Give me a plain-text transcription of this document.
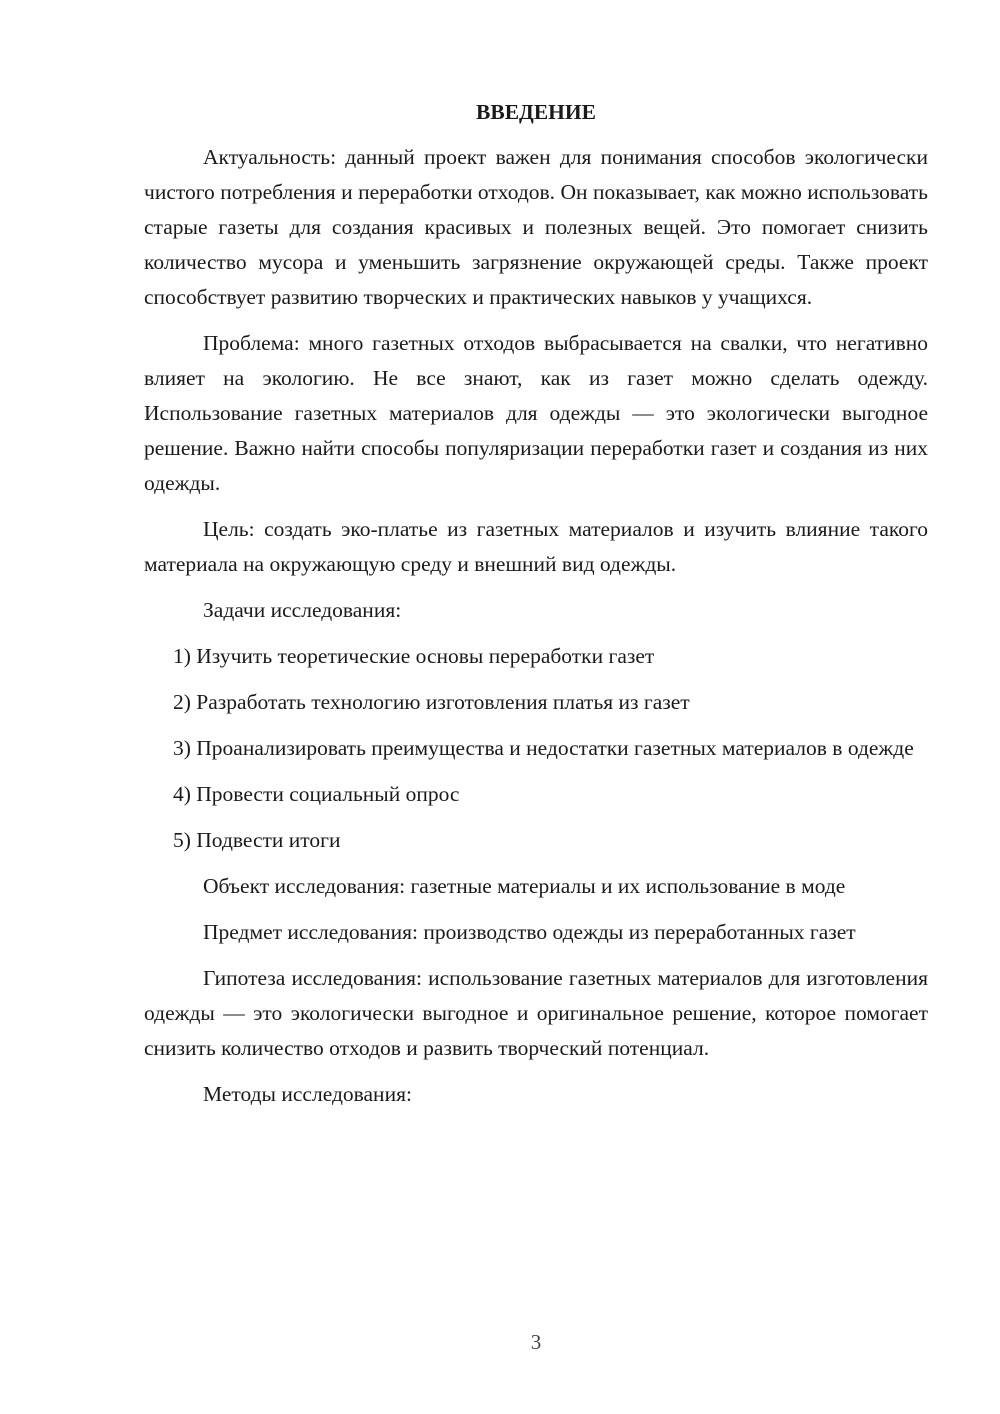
ВВЕДЕНИЕ

Актуальность: данный проект важен для понимания способов экологически чистого потребления и переработки отходов. Он показывает, как можно использовать старые газеты для создания красивых и полезных вещей. Это помогает снизить количество мусора и уменьшить загрязнение окружающей среды. Также проект способствует развитию творческих и практических навыков у учащихся.

Проблема: много газетных отходов выбрасывается на свалки, что негативно влияет на экологию. Не все знают, как из газет можно сделать одежду. Использование газетных материалов для одежды — это экологически выгодное решение. Важно найти способы популяризации переработки газет и создания из них одежды.

Цель: создать эко-платье из газетных материалов и изучить влияние такого материала на окружающую среду и внешний вид одежды.

Задачи исследования:

1) Изучить теоретические основы переработки газет

2) Разработать технологию изготовления платья из газет

3) Проанализировать преимущества и недостатки газетных материалов в одежде

4) Провести социальный опрос

5) Подвести итоги

Объект исследования: газетные материалы и их использование в моде

Предмет исследования: производство одежды из переработанных газет

Гипотеза исследования: использование газетных материалов для изготовления одежды — это экологически выгодное и оригинальное решение, которое помогает снизить количество отходов и развить творческий потенциал.

Методы исследования:

3
